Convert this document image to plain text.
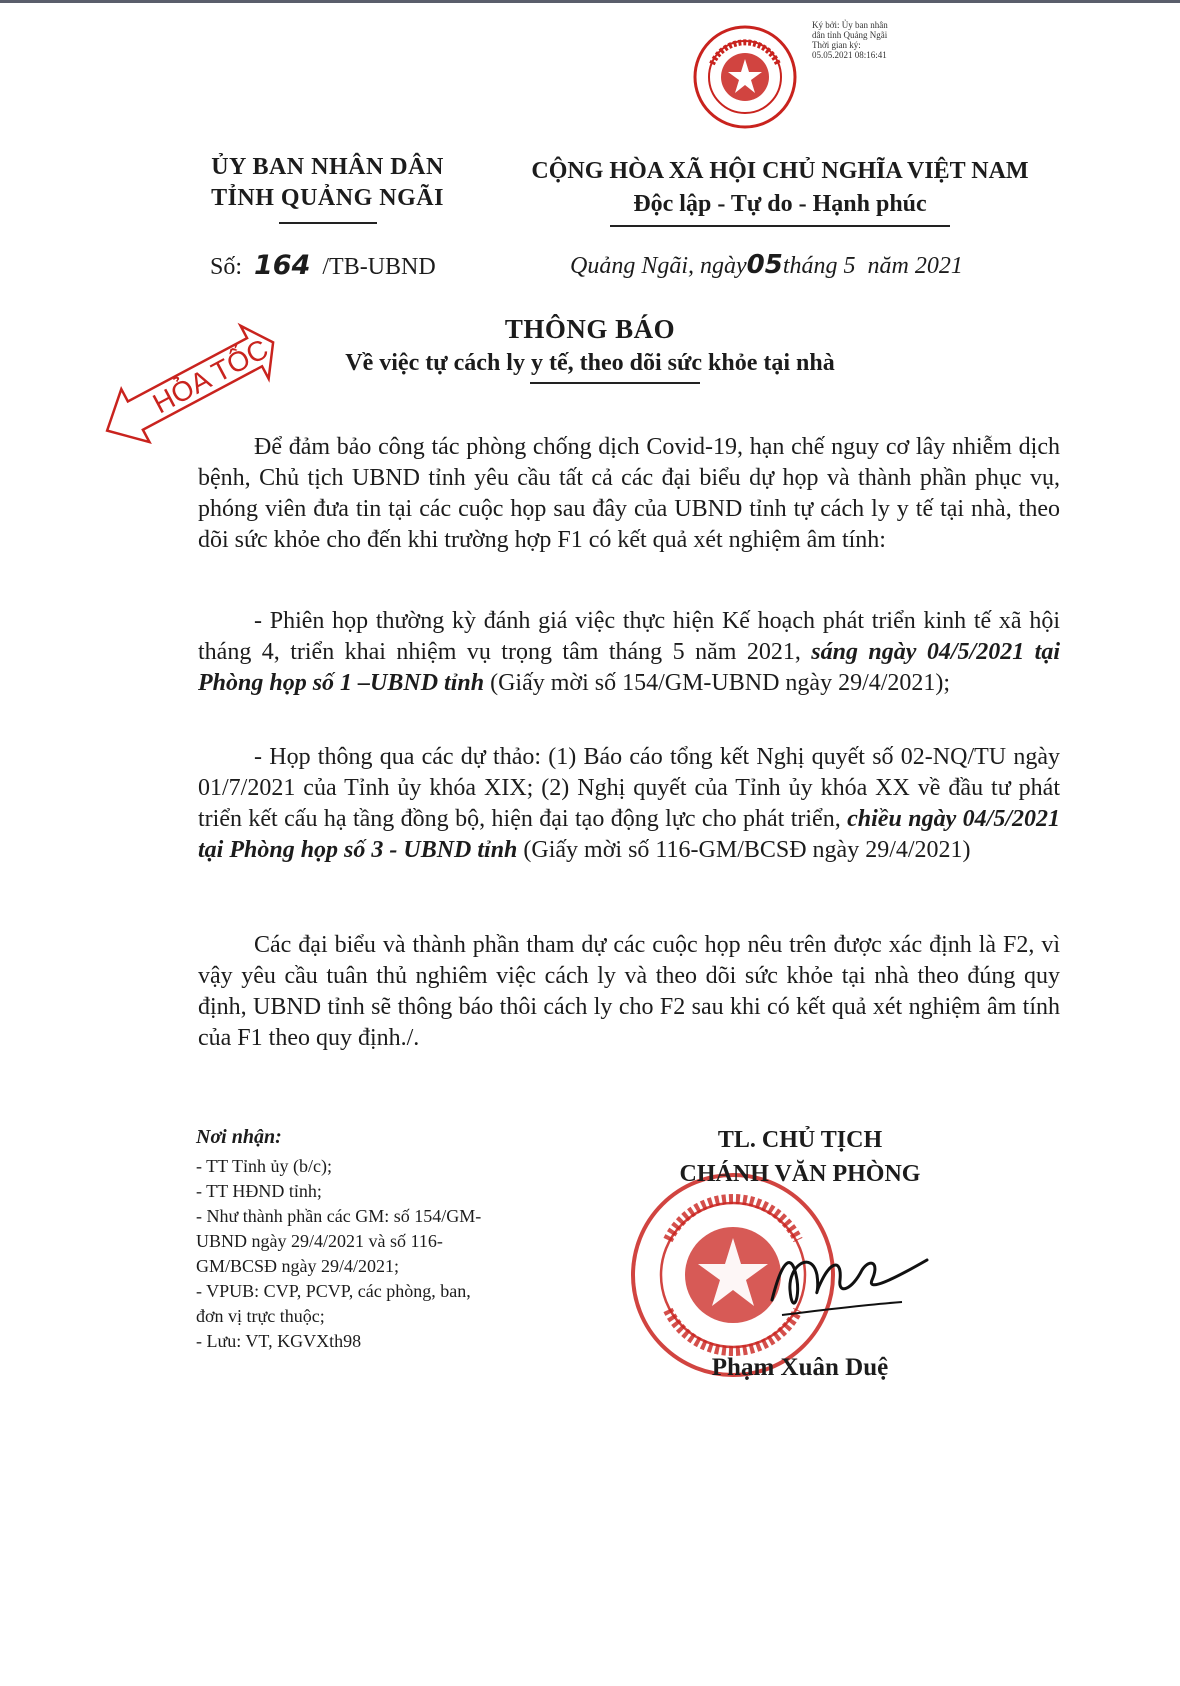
Ký bởi: Ủy ban nhân
dân tỉnh Quảng Ngãi
Thời gian ký:
05.05.2021 08:16:41
ỦY BAN NHÂN DÂN
TỈNH QUẢNG NGÃI
CỘNG HÒA XÃ HỘI CHỦ NGHĨA VIỆT NAM
Độc lập - Tự do - Hạnh phúc
Số: 164 /TB-UBND	Quảng Ngãi, ngày05tháng 5 năm 2021
HỎA TỐC
THÔNG BÁO
Về việc tự cách ly y tế, theo dõi sức khỏe tại nhà

Để đảm bảo công tác phòng chống dịch Covid-19, hạn chế nguy cơ lây nhiễm dịch bệnh, Chủ tịch UBND tỉnh yêu cầu tất cả các đại biểu dự họp và thành phần phục vụ, phóng viên đưa tin tại các cuộc họp sau đây của UBND tỉnh tự cách ly y tế tại nhà, theo dõi sức khỏe cho đến khi trường hợp F1 có kết quả xét nghiệm âm tính:

- Phiên họp thường kỳ đánh giá việc thực hiện Kế hoạch phát triển kinh tế xã hội tháng 4, triển khai nhiệm vụ trọng tâm tháng 5 năm 2021, sáng ngày 04/5/2021 tại Phòng họp số 1 –UBND tỉnh (Giấy mời số 154/GM-UBND ngày 29/4/2021);

- Họp thông qua các dự thảo: (1) Báo cáo tổng kết Nghị quyết số 02-NQ/TU ngày 01/7/2021 của Tỉnh ủy khóa XIX; (2) Nghị quyết của Tỉnh ủy khóa XX về đầu tư phát triển kết cấu hạ tầng đồng bộ, hiện đại tạo động lực cho phát triển, chiều ngày 04/5/2021 tại Phòng họp số 3 - UBND tỉnh (Giấy mời số 116-GM/BCSĐ ngày 29/4/2021)

Các đại biểu và thành phần tham dự các cuộc họp nêu trên được xác định là F2, vì vậy yêu cầu tuân thủ nghiêm việc cách ly và theo dõi sức khỏe tại nhà theo đúng quy định, UBND tỉnh sẽ thông báo thôi cách ly cho F2 sau khi có kết quả xét nghiệm âm tính của F1 theo quy định./.

Nơi nhận:

- TT Tỉnh ủy (b/c);

- TT HĐND tỉnh;

- Như thành phần các GM: số 154/GM-UBND ngày 29/4/2021 và số 116-GM/BCSĐ ngày 29/4/2021;

- VPUB: CVP, PCVP, các phòng, ban, đơn vị trực thuộc;

- Lưu: VT, KGVXth98

TL. CHỦ TỊCH
CHÁNH VĂN PHÒNG
Phạm Xuân Duệ
